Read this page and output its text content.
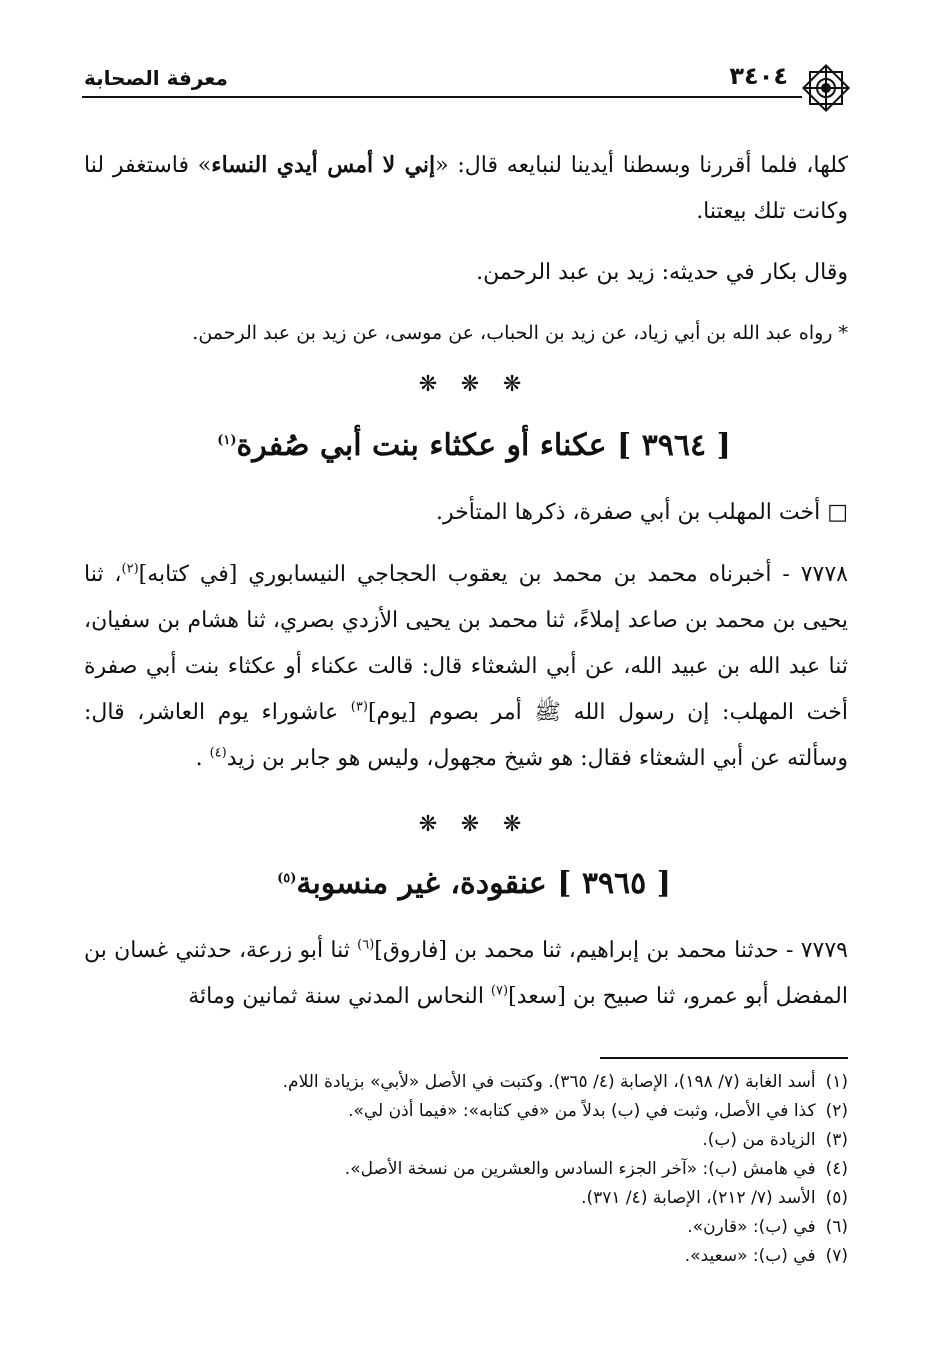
٣٤٠٤
معرفة الصحابة

كلها، فلما أقررنا وبسطنا أيدينا لنبايعه قال: «إني لا أمس أيدي النساء» فاستغفر لنا وكانت تلك بيعتنا.

وقال بكار في حديثه: زيد بن عبد الرحمن.

* رواه عبد الله بن أبي زياد، عن زيد بن الحباب، عن موسى، عن زيد بن عبد الرحمن.

❋ ❋ ❋
[ ٣٩٦٤ ] عكناء أو عكثاء بنت أبي صُفرة$^{(١)}$

□ أخت المهلب بن أبي صفرة، ذكرها المتأخر.

٧٧٧٨ - أخبرناه محمد بن محمد بن يعقوب الحجاجي النيسابوري [في كتابه]$^{(٢)}$، ثنا يحيى بن محمد بن صاعد إملاءً، ثنا محمد بن يحيى الأزدي بصري، ثنا هشام بن سفيان، ثنا عبد الله بن عبيد الله، عن أبي الشعثاء قال: قالت عكناء أو عكثاء بنت أبي صفرة أخت المهلب: إن رسول الله ﷺ أمر بصوم [يوم]$^{(٣)}$ عاشوراء يوم العاشر، قال: وسألته عن أبي الشعثاء فقال: هو شيخ مجهول، وليس هو جابر بن زيد$^{(٤)}$ .

❋ ❋ ❋
[ ٣٩٦٥ ] عنقودة، غير منسوبة$^{(٥)}$

٧٧٧٩ - حدثنا محمد بن إبراهيم، ثنا محمد بن [فاروق]$^{(٦)}$ ثنا أبو زرعة، حدثني غسان بن المفضل أبو عمرو، ثنا صبيح بن [سعد]$^{(٧)}$ النحاس المدني سنة ثمانين ومائة

(١)أسد الغابة (٧/ ١٩٨)، الإصابة (٤/ ٣٦٥). وكتبت في الأصل «لأبي» بزيادة اللام.
(٢)كذا في الأصل، وثبت في (ب) بدلاً من «في كتابه»: «فيما أذن لي».
(٣)الزيادة من (ب).
(٤)في هامش (ب): «آخر الجزء السادس والعشرين من نسخة الأصل».
(٥)الأسد (٧/ ٢١٢)، الإصابة (٤/ ٣٧١).
(٦)في (ب): «قارن».
(٧)في (ب): «سعيد».
